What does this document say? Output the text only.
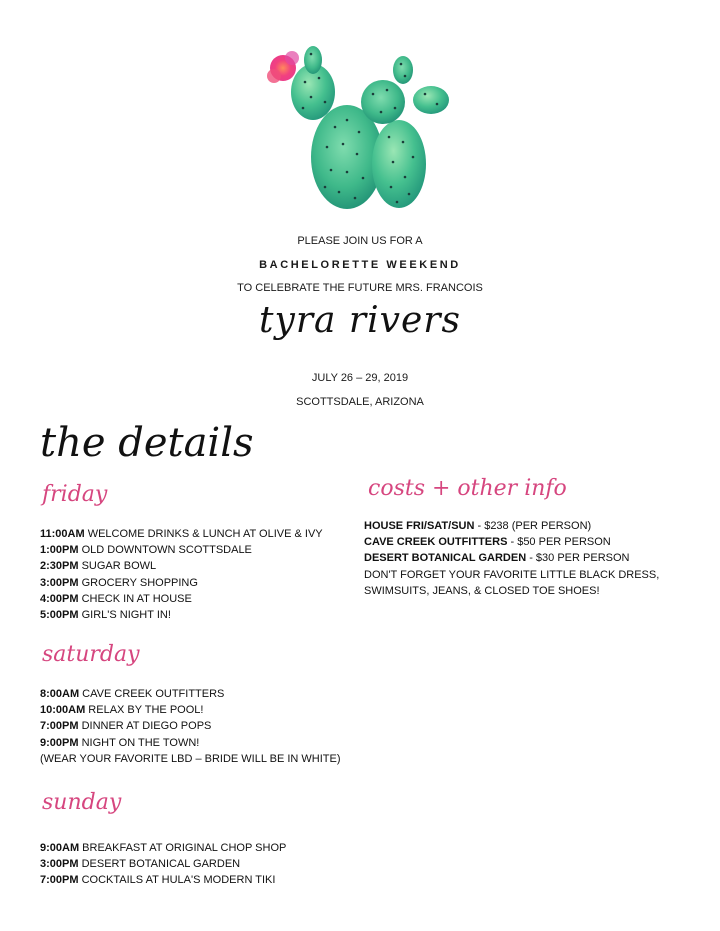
PLEASE JOIN US FOR A
BACHELORETTE WEEKEND
TO CELEBRATE THE FUTURE MRS. FRANCOIS
tyra rivers
JULY 26 – 29, 2019
SCOTTSDALE, ARIZONA
the details
friday
11:00AM WELCOME DRINKS & LUNCH AT OLIVE & IVY
1:00PM OLD DOWNTOWN SCOTTSDALE
2:30PM SUGAR BOWL
3:00PM GROCERY SHOPPING
4:00PM CHECK IN AT HOUSE
5:00PM GIRL'S NIGHT IN!
saturday
8:00AM CAVE CREEK OUTFITTERS
10:00AM RELAX BY THE POOL!
7:00PM DINNER AT DIEGO POPS
9:00PM NIGHT ON THE TOWN!
(WEAR YOUR FAVORITE LBD – BRIDE WILL BE IN WHITE)
sunday
9:00AM BREAKFAST AT ORIGINAL CHOP SHOP
3:00PM DESERT BOTANICAL GARDEN
7:00PM COCKTAILS AT HULA'S MODERN TIKI
costs + other info
HOUSE FRI/SAT/SUN - $238 (PER PERSON)
CAVE CREEK OUTFITTERS - $50 PER PERSON
DESERT BOTANICAL GARDEN - $30 PER PERSON
DON'T FORGET YOUR FAVORITE LITTLE BLACK DRESS,
SWIMSUITS, JEANS, & CLOSED TOE SHOES!
